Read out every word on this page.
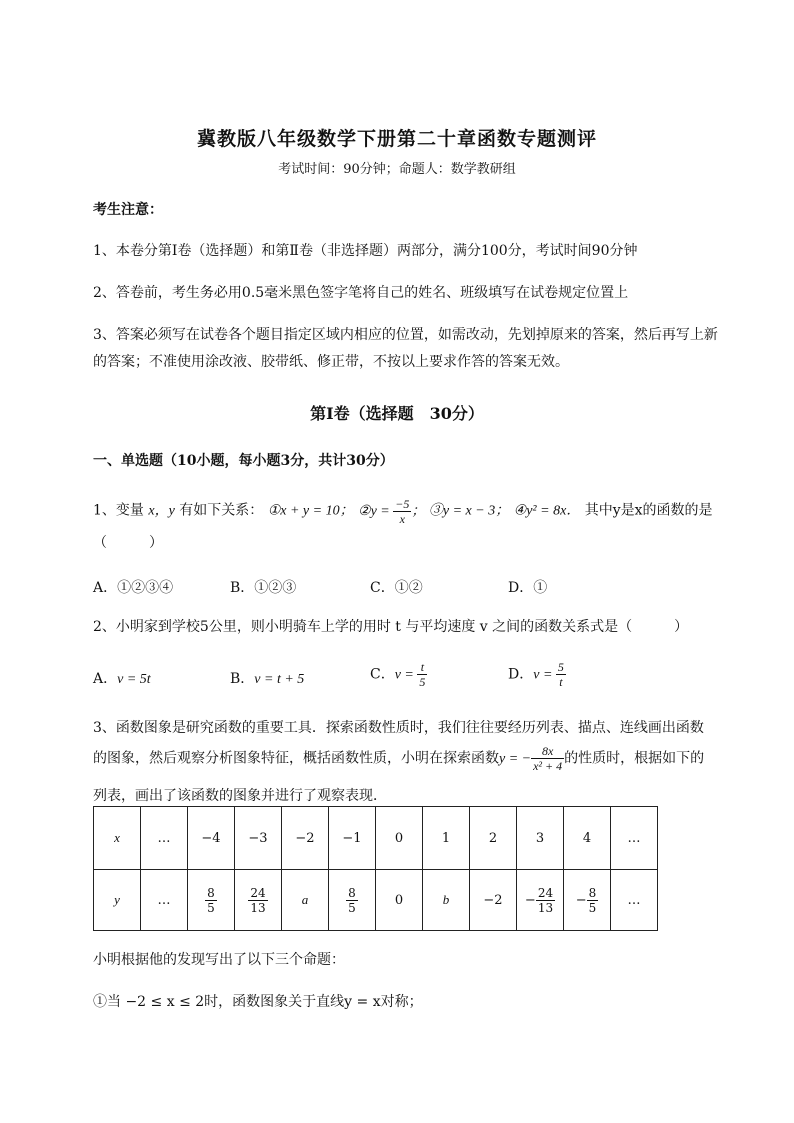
冀教版八年级数学下册第二十章函数专题测评
考试时间：90分钟；命题人：数学教研组
考生注意：
1、本卷分第I卷（选择题）和第Ⅱ卷（非选择题）两部分，满分100分，考试时间90分钟
2、答卷前，考生务必用0.5毫米黑色签字笔将自己的姓名、班级填写在试卷规定位置上
3、答案必须写在试卷各个题目指定区域内相应的位置，如需改动，先划掉原来的答案，然后再写上新
的答案；不准使用涂改液、胶带纸、修正带，不按以上要求作答的答案无效。
第I卷（选择题　30分）
一、单选题（10小题，每小题3分，共计30分）
1、变量 x，y 有如下关系： ①x + y = 10； ②y = $\frac{-5}{x}$ ； ③y = x − 3； ④y² = 8x． 其中y是x的函数的是
（　　　）
A．①②③④	B．①②③	C．①②	D．①
2、小明家到学校5公里，则小明骑车上学的用时 t 与平均速度 v 之间的函数关系式是（　　　）
A．v = 5t	B．v = t + 5	C．$v = \frac{t}{5}$	D．$v = \frac{5}{t}$
3、函数图象是研究函数的重要工具．探索函数性质时，我们往往要经历列表、描点、连线画出函数
的图象，然后观察分析图象特征，概括函数性质，小明在探索函数y = − $\frac{8x}{\text{x² + 4}}$ 的性质时，根据如下的
列表，画出了该函数的图象并进行了观察表现．
x	…	−4	−3	−2	−1	0	1	2	3	4	…
y	…	$\frac{8}{5}$	$\frac{24}{13}$	a	$\frac{8}{5}$	0	b	−2	− $\frac{24}{13}$	− $\frac{8}{5}$	…
小明根据他的发现写出了以下三个命题：
①当 −2 ≤ x ≤ 2时，函数图象关于直线y = x对称；
